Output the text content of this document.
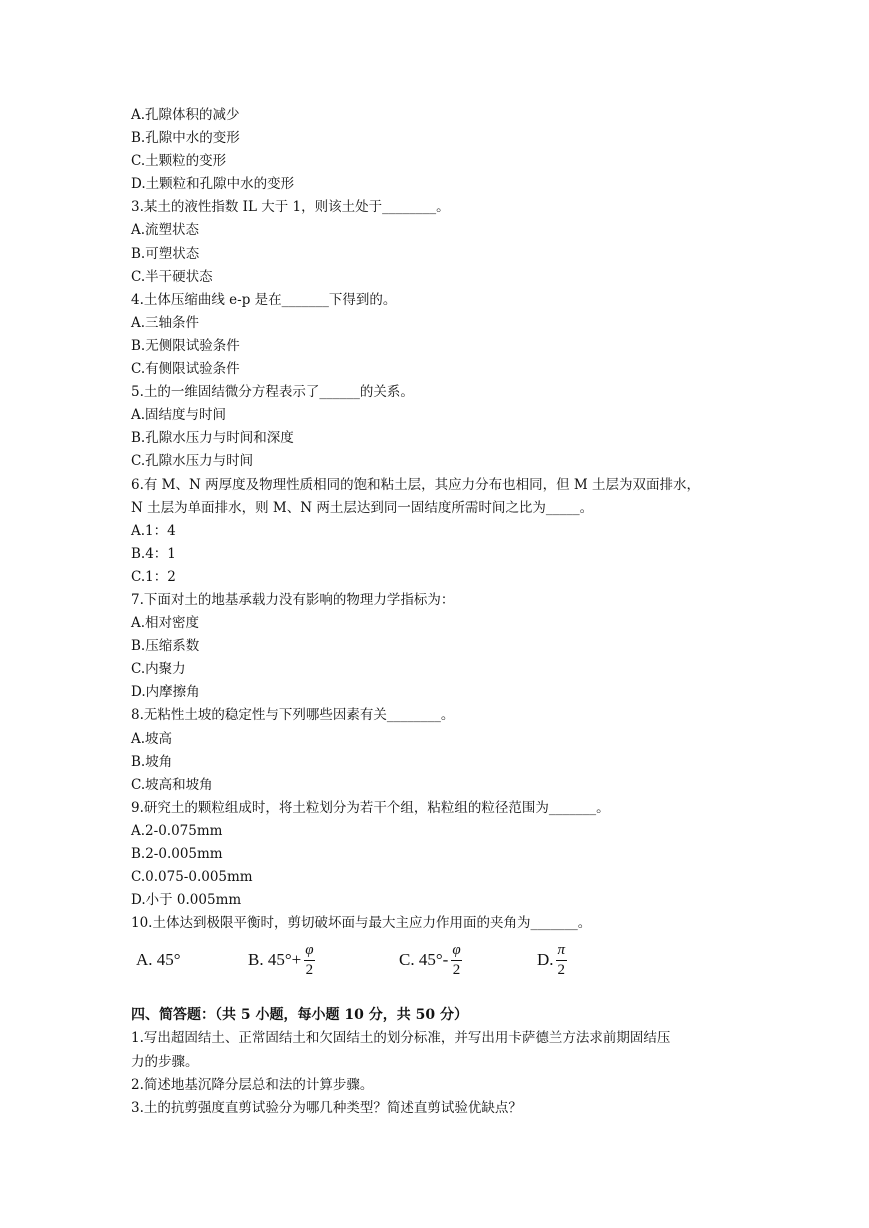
A.孔隙体积的减少
B.孔隙中水的变形
C.土颗粒的变形
D.土颗粒和孔隙中水的变形
3.某土的液性指数 IL 大于 1，则该土处于________。
A.流塑状态
B.可塑状态
C.半干硬状态
4.土体压缩曲线 e-p 是在_______下得到的。
A.三轴条件
B.无侧限试验条件
C.有侧限试验条件
5.土的一维固结微分方程表示了______的关系。
A.固结度与时间
B.孔隙水压力与时间和深度
C.孔隙水压力与时间
6.有 M、N 两厚度及物理性质相同的饱和粘土层，其应力分布也相同，但 M 土层为双面排水，
N 土层为单面排水，则 M、N 两土层达到同一固结度所需时间之比为_____。
A.1：4
B.4：1
C.1：2
7.下面对土的地基承载力没有影响的物理力学指标为：
A.相对密度
B.压缩系数
C.内聚力
D.内摩擦角
8.无粘性土坡的稳定性与下列哪些因素有关________。
A.坡高
B.坡角
C.坡高和坡角
9.研究土的颗粒组成时，将土粒划分为若干个组，粘粒组的粒径范围为_______。
A.2-0.075mm
B.2-0.005mm
C.0.075-0.005mm
D.小于 0.005mm
10.土体达到极限平衡时，剪切破坏面与最大主应力作用面的夹角为_______。
A. 45°	B. $45^\circ+ \frac{\varphi}{2}$	C. $45^\circ- \frac{\varphi}{2}$	D. $\frac{\pi}{2}$
四、简答题：（共 5 小题，每小题 10 分，共 50 分）
1.写出超固结土、正常固结土和欠固结土的划分标准，并写出用卡萨德兰方法求前期固结压
力的步骤。
2.简述地基沉降分层总和法的计算步骤。
3.土的抗剪强度直剪试验分为哪几种类型？简述直剪试验优缺点？
